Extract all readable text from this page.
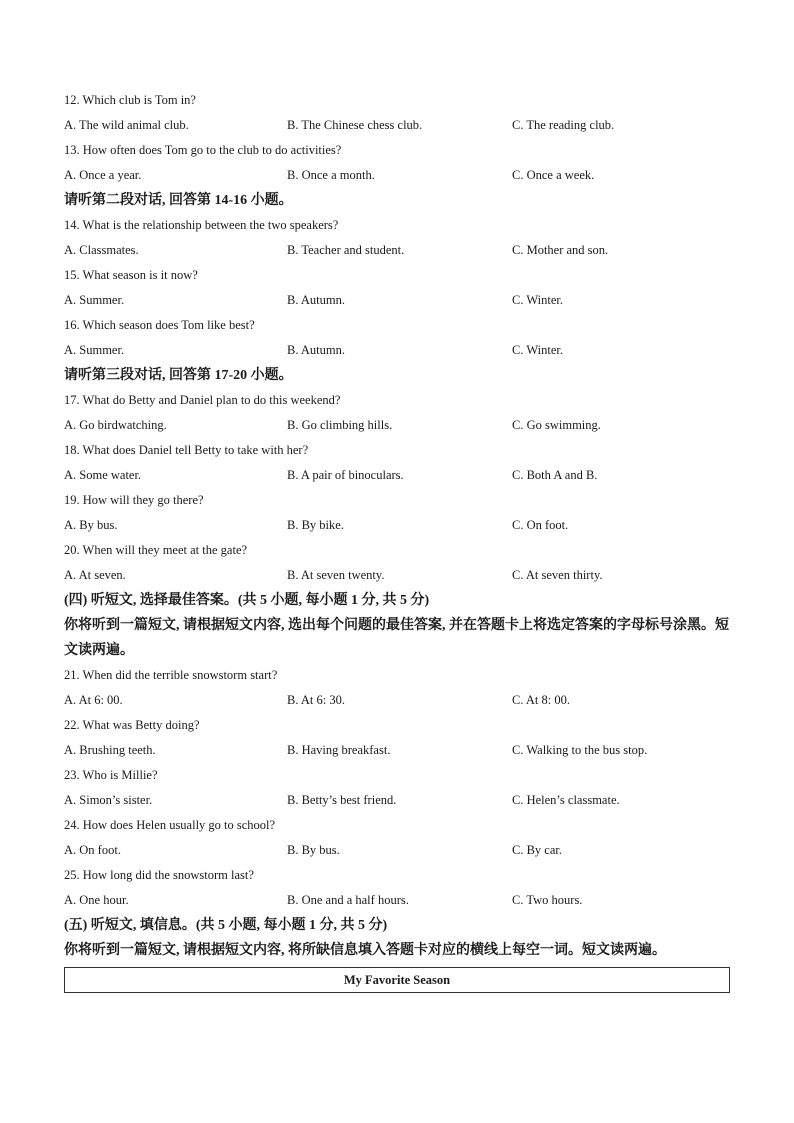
12. Which club is Tom in?
A. The wild animal club.	B. The Chinese chess club.	C. The reading club.
13. How often does Tom go to the club to do activities?
A. Once a year.	B. Once a month.	C. Once a week.
请听第二段对话, 回答第 14-16 小题。
14. What is the relationship between the two speakers?
A. Classmates.	B. Teacher and student.	C. Mother and son.
15. What season is it now?
A. Summer.	B. Autumn.	C. Winter.
16. Which season does Tom like best?
A. Summer.	B. Autumn.	C. Winter.
请听第三段对话, 回答第 17-20 小题。
17. What do Betty and Daniel plan to do this weekend?
A. Go birdwatching.	B. Go climbing hills.	C. Go swimming.
18. What does Daniel tell Betty to take with her?
A. Some water.	B. A pair of binoculars.	C. Both A and B.
19. How will they go there?
A. By bus.	B. By bike.	C. On foot.
20. When will they meet at the gate?
A. At seven.	B. At seven twenty.	C. At seven thirty.
(四) 听短文, 选择最佳答案。(共 5 小题, 每小题 1 分, 共 5 分)
你将听到一篇短文, 请根据短文内容, 选出每个问题的最佳答案, 并在答题卡上将选定答案的字母标号涂黑。短文读两遍。
21. When did the terrible snowstorm start?
A. At 6: 00.	B. At 6: 30.	C. At 8: 00.
22. What was Betty doing?
A. Brushing teeth.	B. Having breakfast.	C. Walking to the bus stop.
23. Who is Millie?
A. Simon’s sister.	B. Betty’s best friend.	C. Helen’s classmate.
24. How does Helen usually go to school?
A. On foot.	B. By bus.	C. By car.
25. How long did the snowstorm last?
A. One hour.	B. One and a half hours.	C. Two hours.
(五) 听短文, 填信息。(共 5 小题, 每小题 1 分, 共 5 分)
你将听到一篇短文, 请根据短文内容, 将所缺信息填入答题卡对应的横线上每空一词。短文读两遍。
My Favorite Season
